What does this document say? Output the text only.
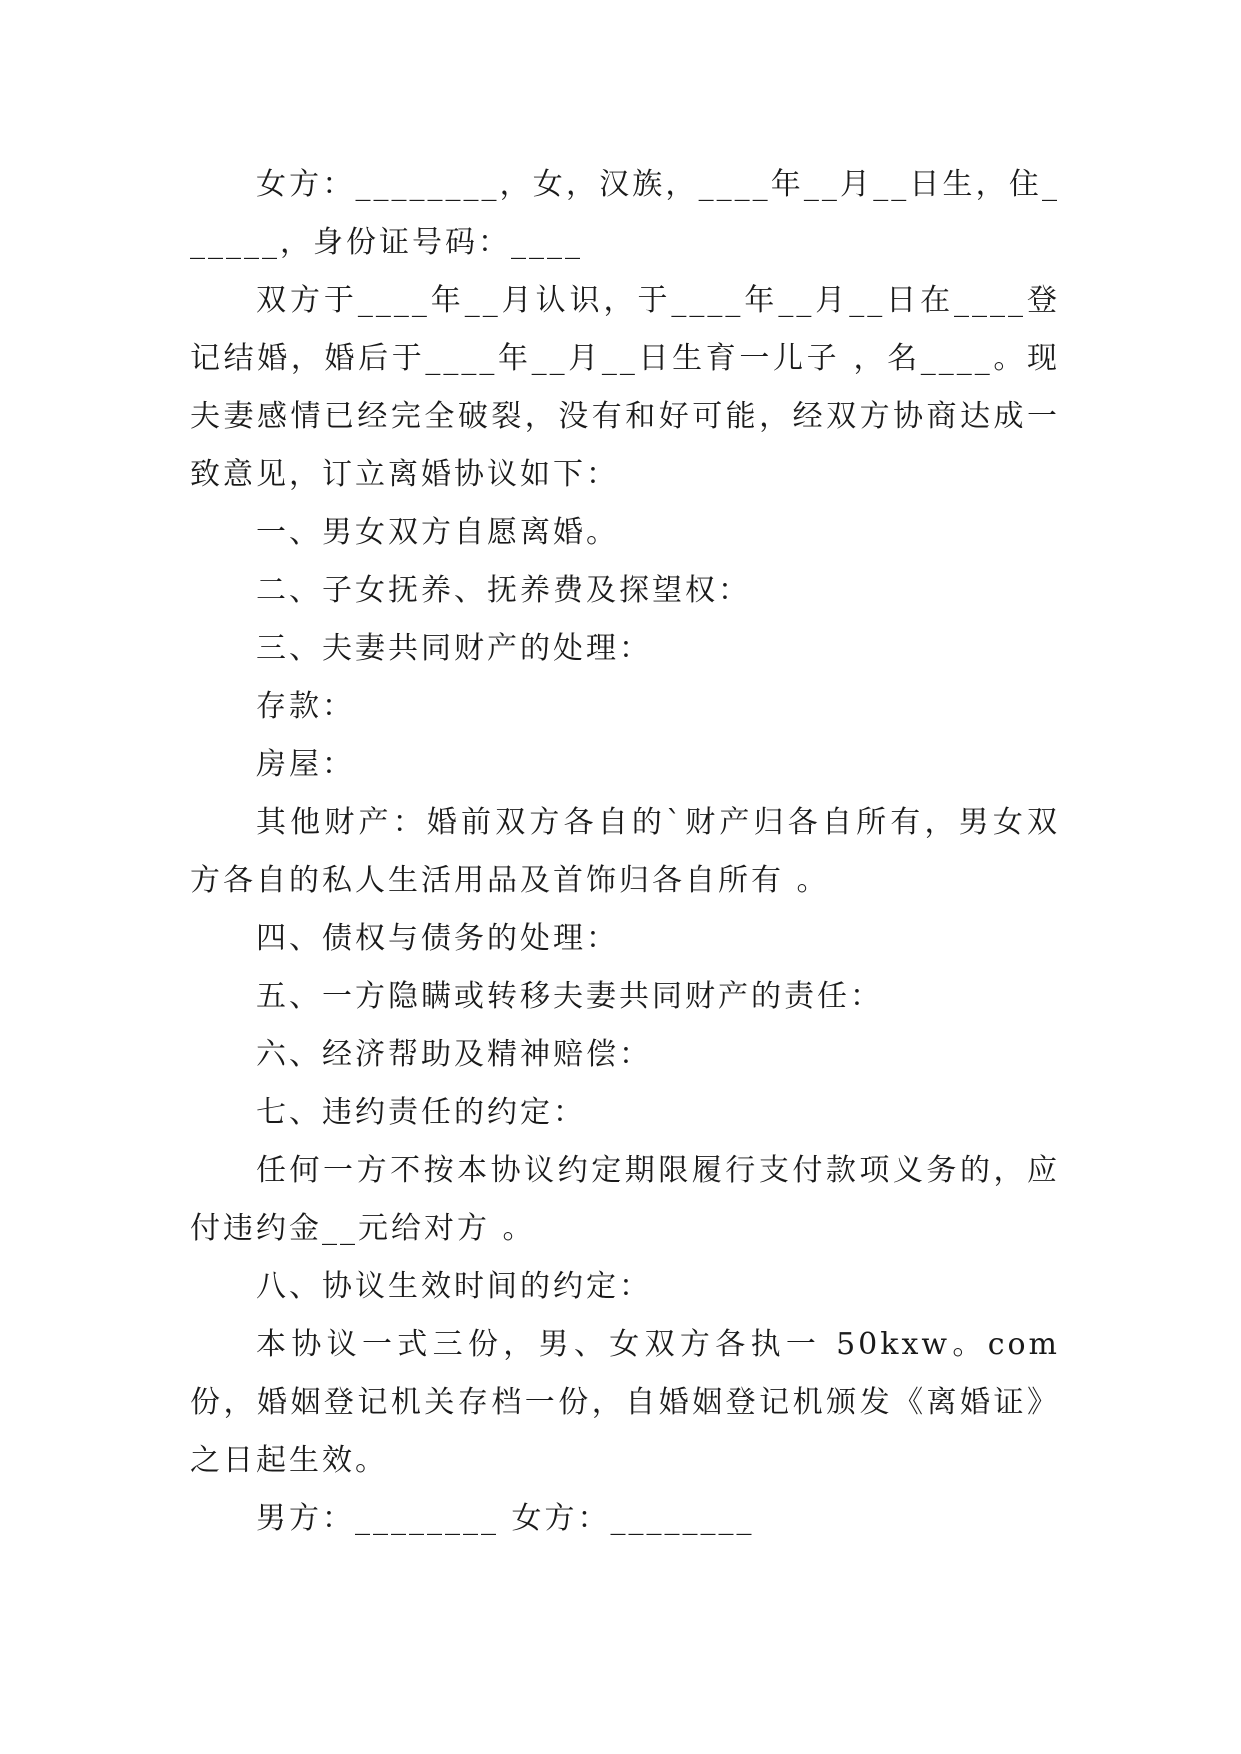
女方：________，女，汉族，____年__月__日生，住______，身份证号码：____

双方于____年__月认识，于____年__月__日在____登记结婚，婚后于____年__月__日生育一儿子 ，名____。现夫妻感情已经完全破裂，没有和好可能，经双方协商达成一致意见，订立离婚协议如下：

一、男女双方自愿离婚。

二、子女抚养、抚养费及探望权：

三、夫妻共同财产的处理：

存款：

房屋：

其他财产：婚前双方各自的`财产归各自所有，男女双方各自的私人生活用品及首饰归各自所有 。

四、债权与债务的处理：

五、一方隐瞒或转移夫妻共同财产的责任：

六、经济帮助及精神赔偿：

七、违约责任的约定：

任何一方不按本协议约定期限履行支付款项义务的，应付违约金__元给对方 。

八、协议生效时间的约定：

本协议一式三份，男、女双方各执一 50kxw。com 份，婚姻登记机关存档一份，自婚姻登记机颁发《离婚证》之日起生效。

男方：________ 女方：________
